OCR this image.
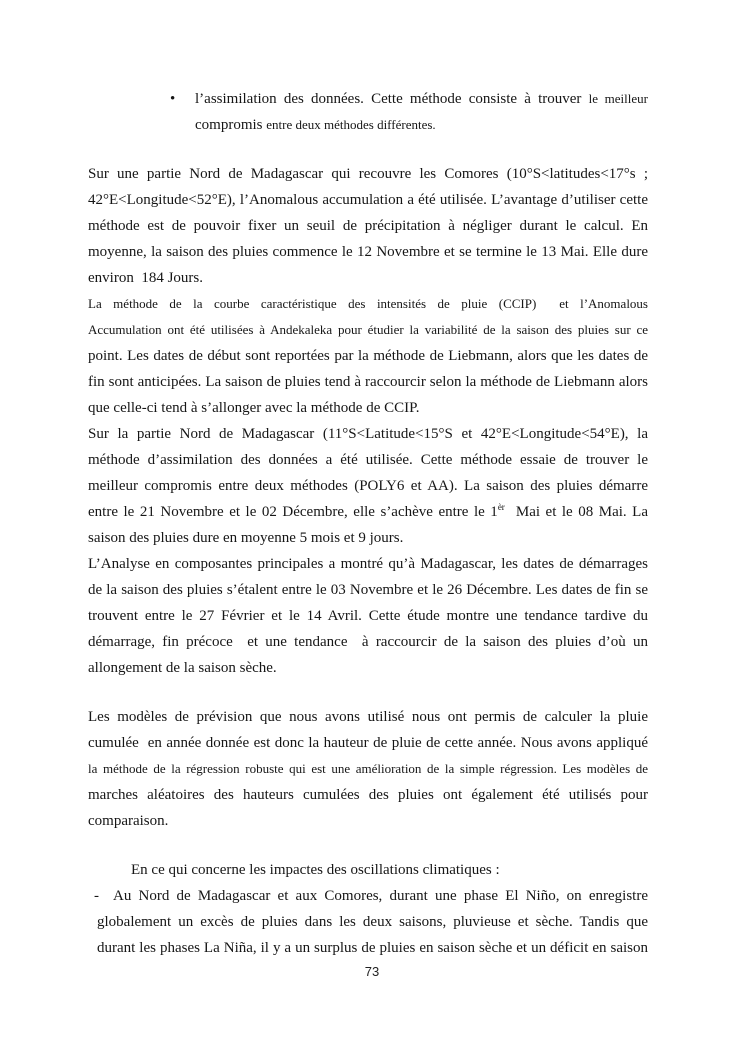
• l’assimilation des données. Cette méthode consiste à trouver le meilleur
compromis entre deux méthodes différentes.
Sur une partie Nord de Madagascar qui recouvre les Comores (10°S<latitudes<17°s ;
42°E<Longitude<52°E), l’Anomalous accumulation a été utilisée. L’avantage d’utiliser cette
méthode est de pouvoir fixer un seuil de précipitation à négliger durant le calcul. En
moyenne, la saison des pluies commence le 12 Novembre et se termine le 13 Mai. Elle dure
environ  184 Jours.
La méthode de la courbe caractéristique des intensités de pluie (CCIP)  et l’Anomalous
Accumulation ont été utilisées à Andekaleka pour étudier la variabilité de la saison des pluies sur ce
point. Les dates de début sont reportées par la méthode de Liebmann, alors que les dates de
fin sont anticipées. La saison de pluies tend à raccourcir selon la méthode de Liebmann alors
que celle-ci tend à s’allonger avec la méthode de CCIP.
Sur la partie Nord de Madagascar (11°S<Latitude<15°S et 42°E<Longitude<54°E), la
méthode d’assimilation des données a été utilisée. Cette méthode essaie de trouver le
meilleur compromis entre deux méthodes (POLY6 et AA). La saison des pluies démarre
entre le 21 Novembre et le 02 Décembre, elle s’achève entre le $1^{èr}$  Mai et le 08 Mai. La
saison des pluies dure en moyenne 5 mois et 9 jours.
L’Analyse en composantes principales a montré qu’à Madagascar, les dates de démarrages
de la saison des pluies s’étalent entre le 03 Novembre et le 26 Décembre. Les dates de fin se
trouvent entre le 27 Février et le 14 Avril. Cette étude montre une tendance tardive du
démarrage, fin précoce  et une tendance  à raccourcir de la saison des pluies d’où un
allongement de la saison sèche.
Les modèles de prévision que nous avons utilisé nous ont permis de calculer la pluie
cumulée  en année donnée est donc la hauteur de pluie de cette année. Nous avons appliqué
la méthode de la régression robuste qui est une amélioration de la simple régression. Les modèles de
marches aléatoires des hauteurs cumulées des pluies ont également été utilisés pour
comparaison.
En ce qui concerne les impactes des oscillations climatiques :
- Au Nord de Madagascar et aux Comores, durant une phase El Niño, on enregistre
globalement un excès de pluies dans les deux saisons, pluvieuse et sèche. Tandis que
durant les phases La Niña, il y a un surplus de pluies en saison sèche et un déficit en saison
73
